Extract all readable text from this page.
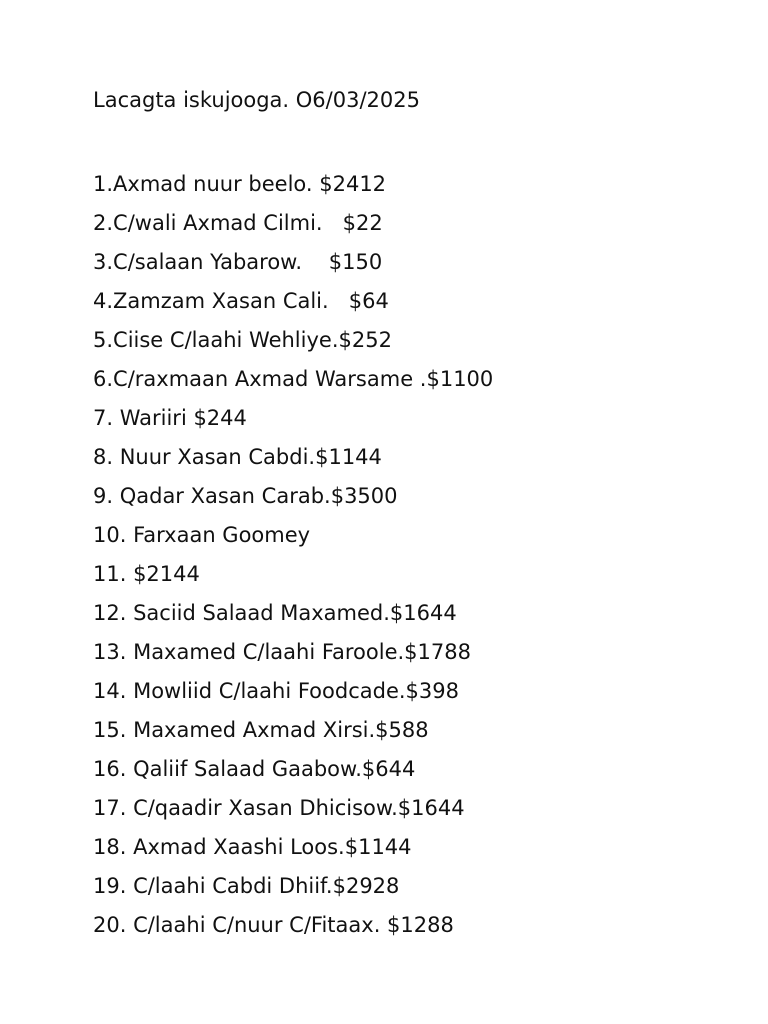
Lacagta iskujooga. O6/03/2025
1.Axmad nuur beelo. $2412
2.C/wali Axmad Cilmi.   $22
3.C/salaan Yabarow.    $150
4.Zamzam Xasan Cali.   $64
5.Ciise C/laahi Wehliye.$252
6.C/raxmaan Axmad Warsame .$1100
7. Wariiri $244
8. Nuur Xasan Cabdi.$1144
9. Qadar Xasan Carab.$3500
10. Farxaan Goomey
11. $2144
12. Saciid Salaad Maxamed.$1644
13. Maxamed C/laahi Faroole.$1788
14. Mowliid C/laahi Foodcade.$398
15. Maxamed Axmad Xirsi.$588
16. Qaliif Salaad Gaabow.$644
17. C/qaadir Xasan Dhicisow.$1644
18. Axmad Xaashi Loos.$1144
19. C/laahi Cabdi Dhiif.$2928
20. C/laahi C/nuur C/Fitaax. $1288
